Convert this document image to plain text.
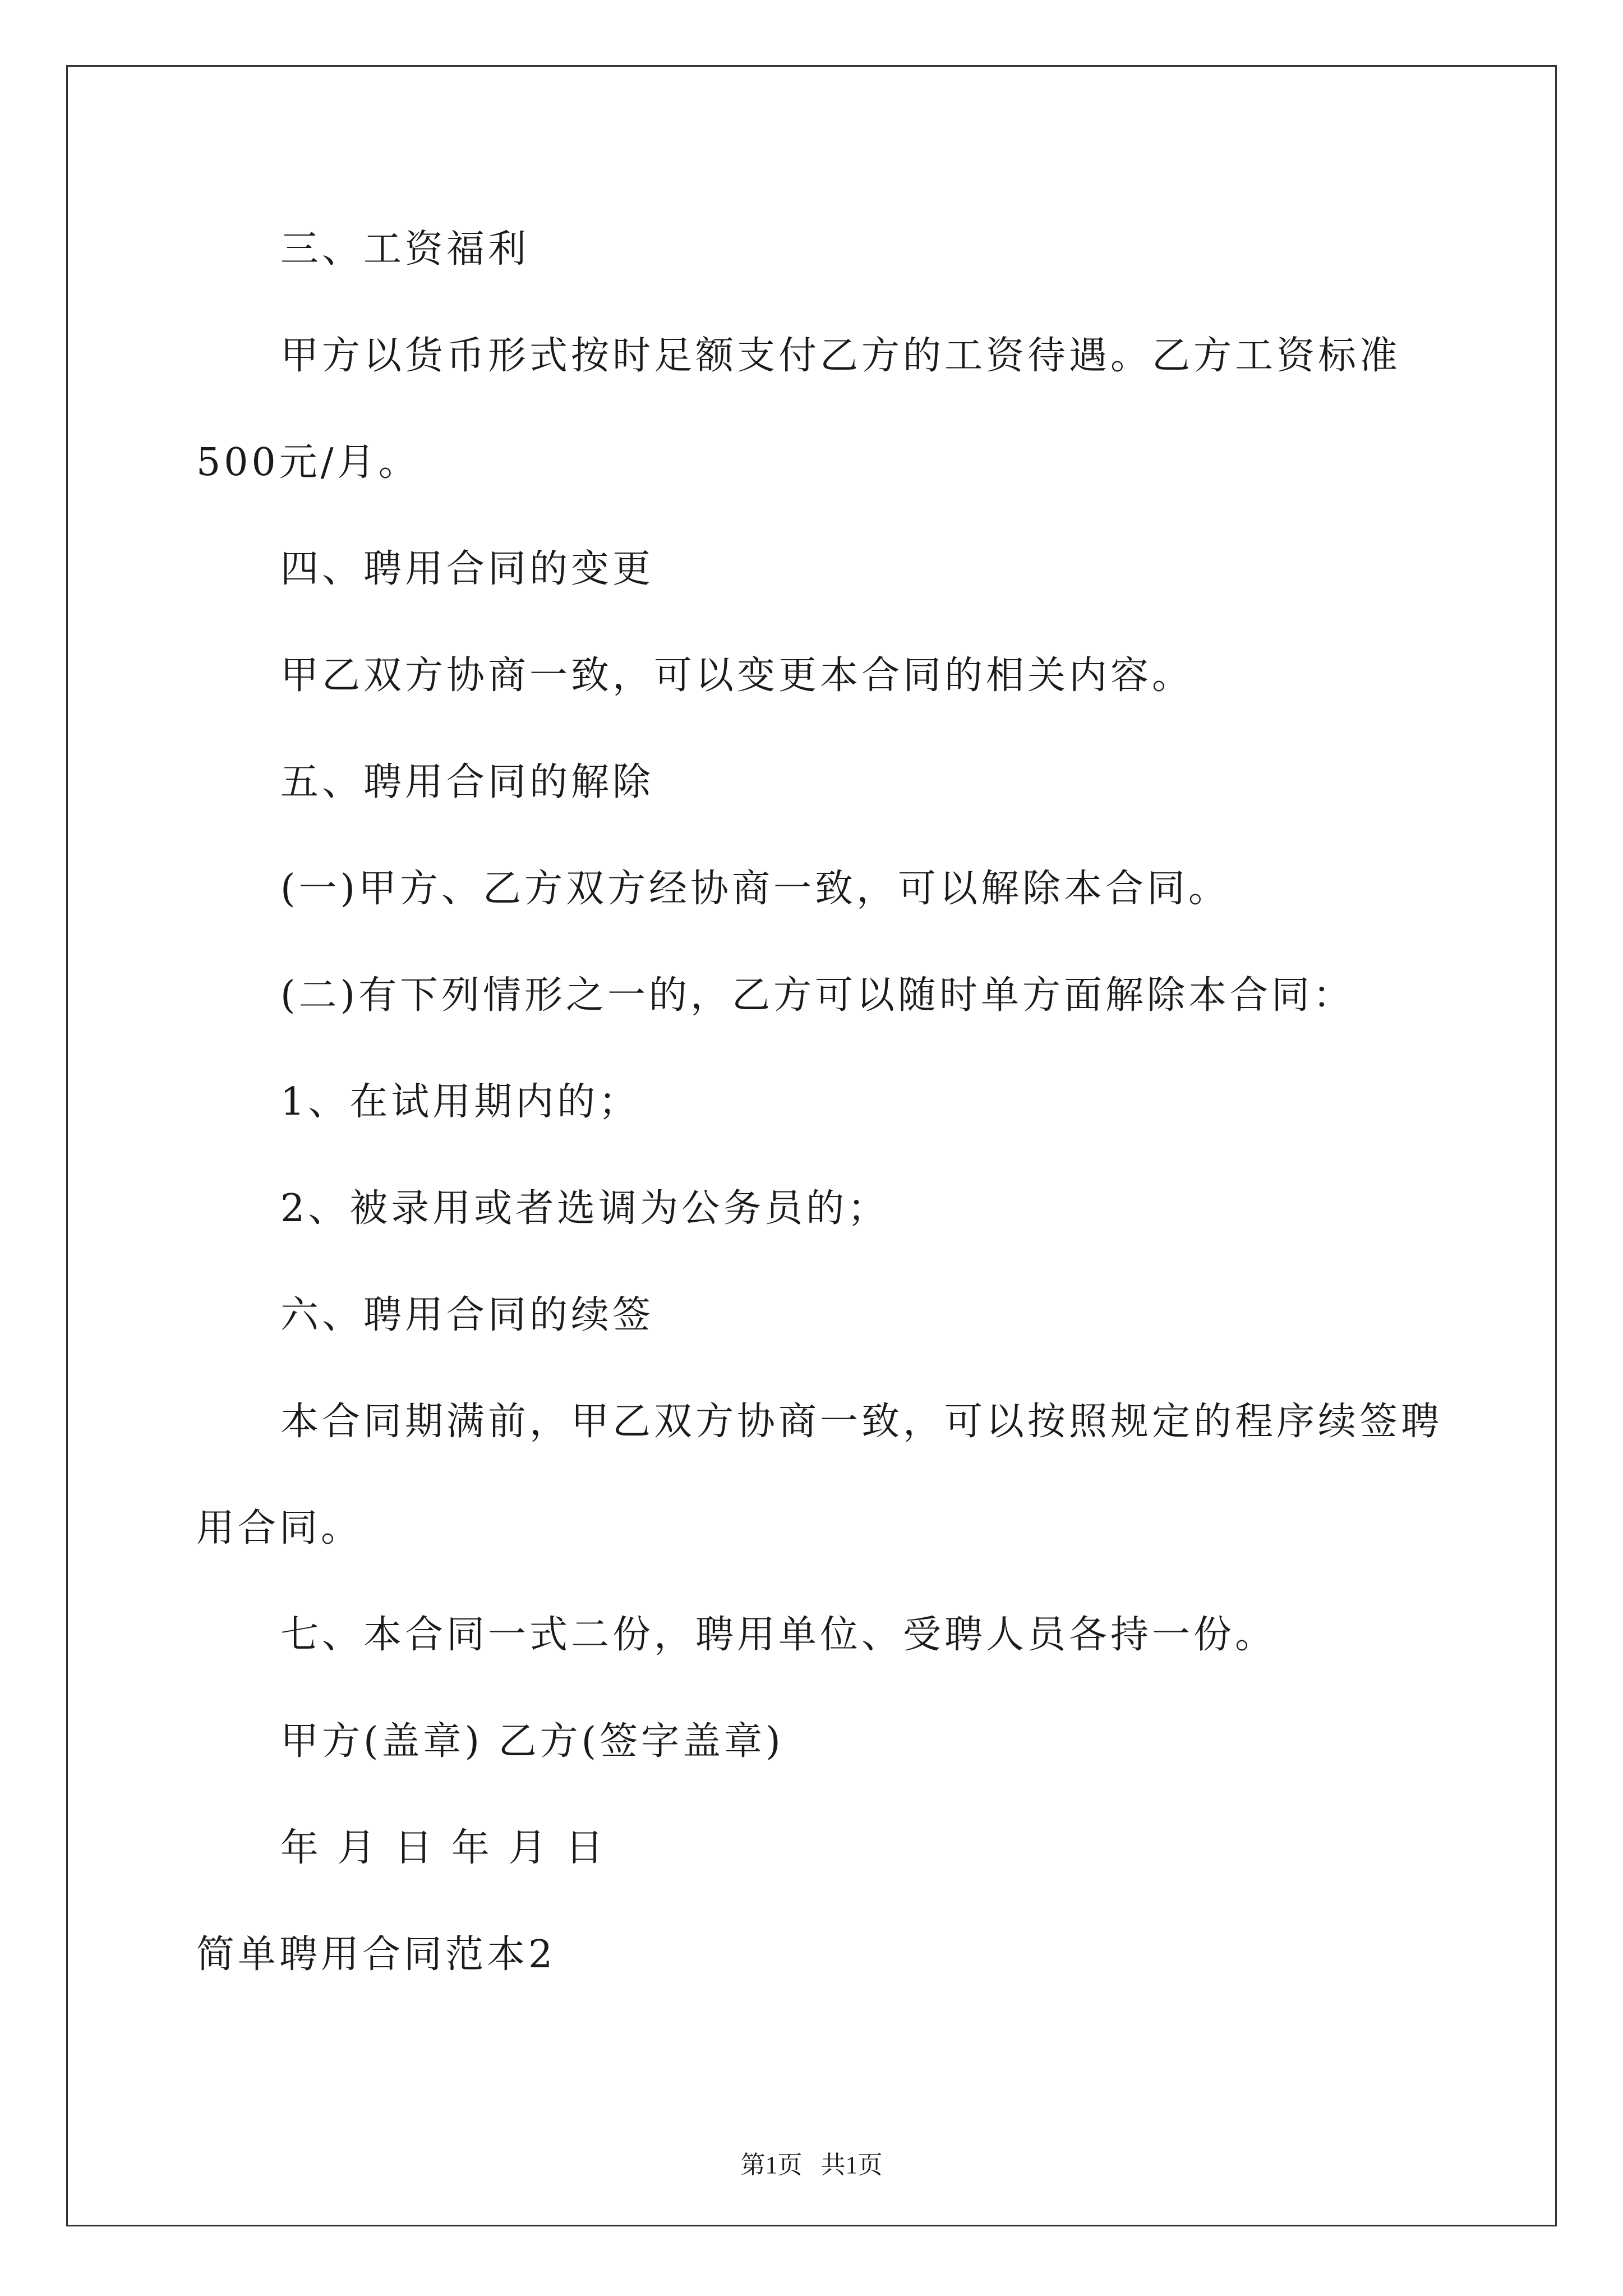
三、工资福利
甲方以货币形式按时足额支付乙方的工资待遇。乙方工资标准
500元/月。
四、聘用合同的变更
甲乙双方协商一致，可以变更本合同的相关内容。
五、聘用合同的解除
(一)甲方、乙方双方经协商一致，可以解除本合同。
(二)有下列情形之一的，乙方可以随时单方面解除本合同：
1、在试用期内的；
2、被录用或者选调为公务员的；
六、聘用合同的续签
本合同期满前，甲乙双方协商一致，可以按照规定的程序续签聘
用合同。
七、本合同一式二份，聘用单位、受聘人员各持一份。
甲方(盖章) 乙方(签字盖章)
年 月 日 年 月 日
简单聘用合同范本2
第1页   共1页
